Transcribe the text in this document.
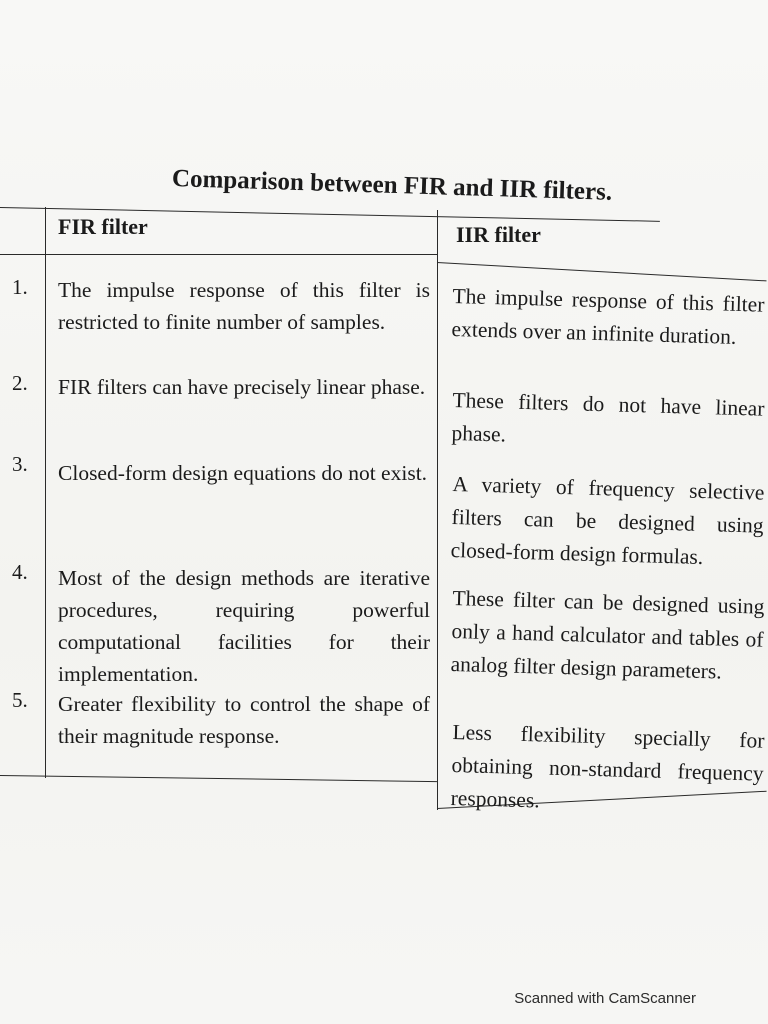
Comparison between FIR and IIR filters.
FIR filter	IIR filter
1. The impulse response of this filter is restricted to finite number of samples.
The impulse response of this filter extends over an infinite duration.
2. FIR filters can have precisely linear phase.
These filters do not have linear phase.
3. Closed-form design equations do not exist. A variety of frequency selective filters can be designed using closed-form design formulas.
4. Most of the design methods are iterative procedures, requiring powerful computational facilities for their implementation.
These filter can be designed using only a hand calculator and tables of analog filter design parameters.
5. Greater flexibility to control the shape of their magnitude response.	Less flexibility specially for obtaining non-standard frequency responses.
Scanned with CamScanner
